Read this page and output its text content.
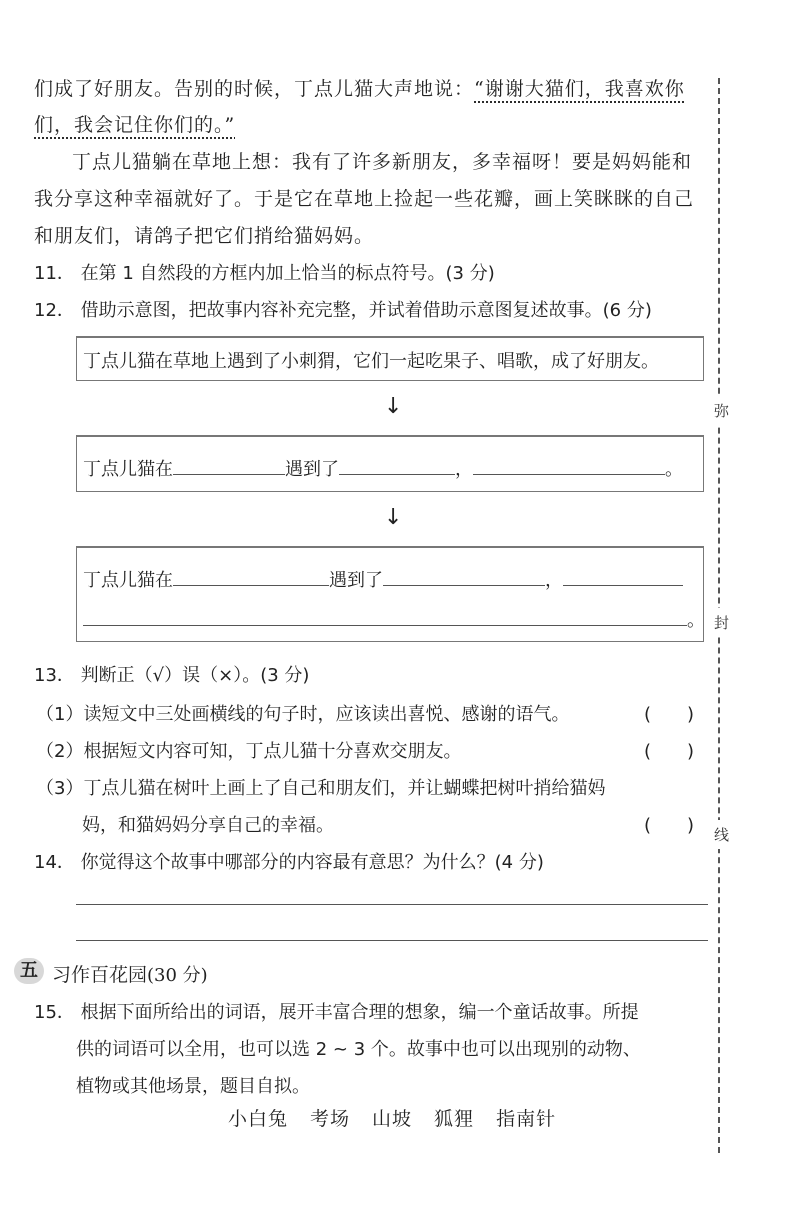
弥
封
线
们成了好朋友。告别的时候，丁点儿猫大声地说：“谢谢大猫们，我喜欢你
们，我会记住你们的。”
丁点儿猫躺在草地上想：我有了许多新朋友，多幸福呀！要是妈妈能和
我分享这种幸福就好了。于是它在草地上捡起一些花瓣，画上笑眯眯的自己
和朋友们，请鸽子把它们捎给猫妈妈。
11． 在第 1 自然段的方框内加上恰当的标点符号。(3 分)
12． 借助示意图，把故事内容补充完整，并试着借助示意图复述故事。(6 分)
丁点儿猫在草地上遇到了小刺猬，它们一起吃果子、唱歌，成了好朋友。
↓
丁点儿猫在	遇到了	，	。
↓
丁点儿猫在	遇到了	，
。
13． 判断正（√）误（×）。(3 分)
（1）读短文中三处画横线的句子时，应该读出喜悦、感谢的语气。	(　　)
（2）根据短文内容可知，丁点儿猫十分喜欢交朋友。	(　　)
（3）丁点儿猫在树叶上画上了自己和朋友们，并让蝴蝶把树叶捎给猫妈
妈，和猫妈妈分享自己的幸福。	(　　)
14． 你觉得这个故事中哪部分的内容最有意思？为什么？(4 分)
五 习作百花园(30 分)
15． 根据下面所给出的词语，展开丰富合理的想象，编一个童话故事。所提
供的词语可以全用，也可以选 2 ~ 3 个。故事中也可以出现别的动物、
植物或其他场景，题目自拟。
小白兔 考场 山坡 狐狸 指南针
